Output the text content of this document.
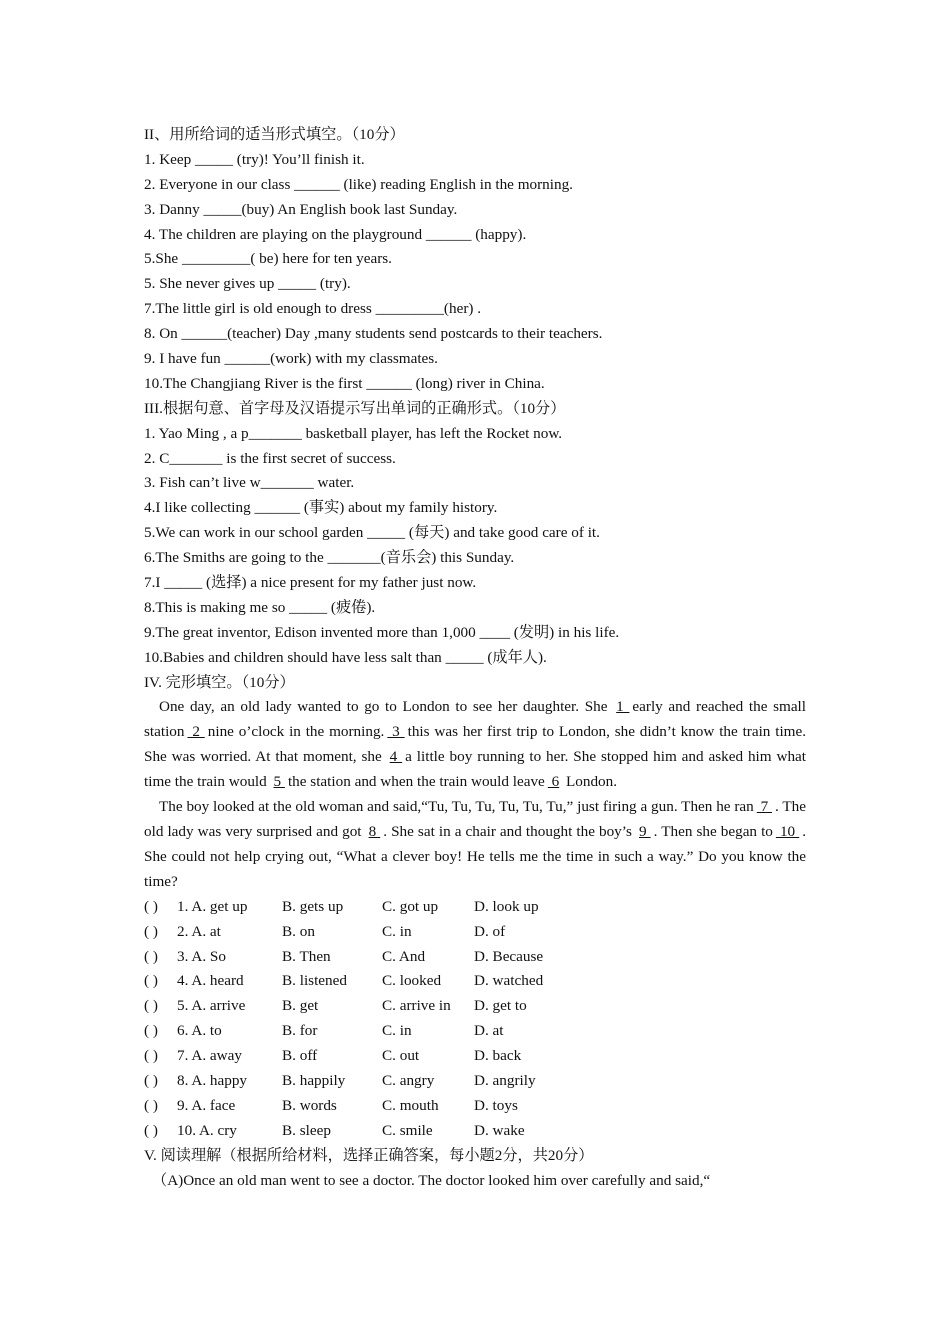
II、用所给词的适当形式填空。（10分）
1. Keep _____ (try)! You’ll finish it.
2. Everyone in our class ______ (like) reading English in the morning.
3. Danny _____(buy) An English book last Sunday.
4. The children are playing on the playground ______ (happy).
5.She _________( be) here for ten years.
5. She never gives up _____ (try).
7.The little girl is old enough to dress _________(her) .
8. On ______(teacher) Day ,many students send postcards to their teachers.
9. I have fun ______(work) with my classmates.
10.The Changjiang River is the first ______ (long) river in China.
III.根据句意、首字母及汉语提示写出单词的正确形式。（10分）
1. Yao Ming , a p_______ basketball player, has left the Rocket now.
2. C_______ is the first secret of success.
3. Fish can’t live w_______ water.
4.I like collecting ______ (事实) about my family history.
5.We can work in our school garden _____ (每天) and take good care of it.
6.The Smiths are going to the _______(音乐会) this Sunday.
7.I _____ (选择) a nice present for my father just now.
8.This is making me so _____ (疲倦).
9.The great inventor, Edison invented more than 1,000 ____ (发明) in his life.
10.Babies and children should have less salt than _____ (成年人).
IV. 完形填空。（10分）

One day, an old lady wanted to go to London to see her daughter. She 1 early and reached the small station 2 nine o’clock in the morning. 3 this was her first trip to London, she didn’t know the train time. She was worried. At that moment, she 4 a little boy running to her. She stopped him and asked him what time the train would 5 the station and when the train would leave 6 London.

The boy looked at the old woman and said,“Tu, Tu, Tu, Tu, Tu, Tu,” just firing a gun. Then he ran 7 . The old lady was very surprised and got 8 . She sat in a chair and thought the boy’s 9 . Then she began to 10 . She could not help crying out, “What a clever boy! He tells me the time in such a way.” Do you know the time?

( ) 1. A. get up B. gets up	C. got up D. look up
( ) 2. A. at	B. on	C. in	D. of
( ) 3. A. So	B. Then	C. And	D. Because
( ) 4. A. heard	B. listened C. looked D. watched
( ) 5. A. arrive B. get	C. arrive in D. get to
( ) 6. A. to	B. for	C. in	D. at
( ) 7. A. away	B. off	C. out	D. back
( ) 8. A. happy B. happily C. angry	D. angrily
( ) 9. A. face	B. words	C. mouth D. toys
( ) 10. A. cry	B. sleep	C. smile	D. wake
V. 阅读理解（根据所给材料，选择正确答案，每小题2分，共20分）

（A)Once an old man went to see a doctor. The doctor looked him over carefully and said,“
